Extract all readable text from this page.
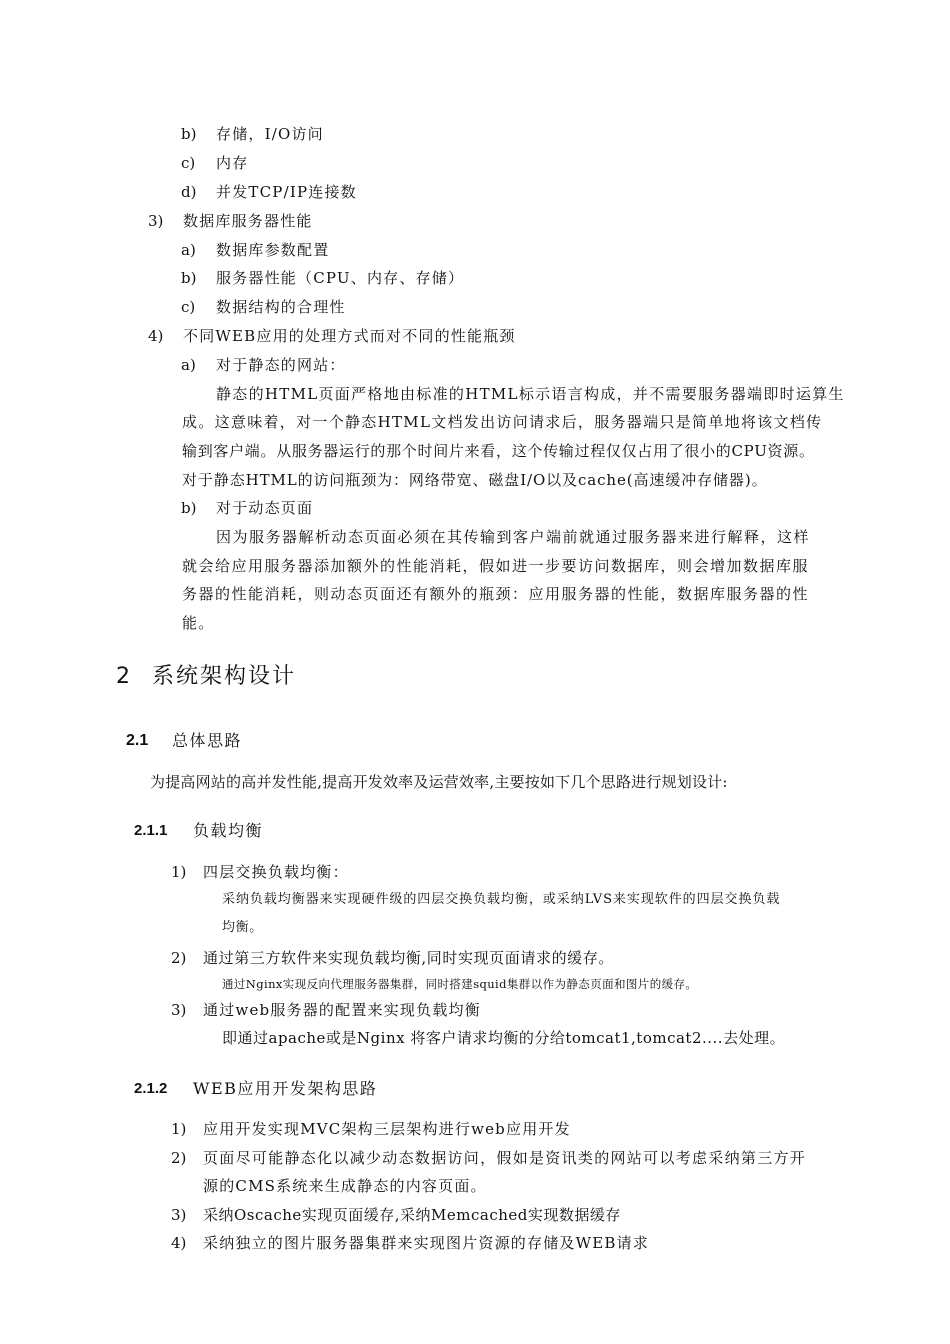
b) 存储，I/O访问
c) 内存
d) 并发TCP/IP连接数
3) 数据库服务器性能
a) 数据库参数配置
b) 服务器性能（CPU、内存、存储）
c) 数据结构的合理性
4) 不同WEB应用的处理方式而对不同的性能瓶颈
a) 对于静态的网站：
静态的HTML页面严格地由标准的HTML标示语言构成，并不需要服务器端即时运算生
成。这意味着，对一个静态HTML文档发出访问请求后，服务器端只是简单地将该文档传
输到客户端。从服务器运行的那个时间片来看，这个传输过程仅仅占用了很小的CPU资源。
对于静态HTML的访问瓶颈为：网络带宽、磁盘I/O以及cache(高速缓冲存储器)。
b) 对于动态页面
因为服务器解析动态页面必须在其传输到客户端前就通过服务器来进行解释，这样
就会给应用服务器添加额外的性能消耗，假如进一步要访问数据库，则会增加数据库服
务器的性能消耗，则动态页面还有额外的瓶颈：应用服务器的性能，数据库服务器的性
能。
2 系统架构设计
2.1 总体思路
为提高网站的高并发性能,提高开发效率及运营效率,主要按如下几个思路进行规划设计:
2.1.1 负载均衡
1) 四层交换负载均衡：
采纳负载均衡器来实现硬件级的四层交换负载均衡，或采纳LVS来实现软件的四层交换负载
均衡。
2) 通过第三方软件来实现负载均衡,同时实现页面请求的缓存。
通过Nginx实现反向代理服务器集群，同时搭建squid集群以作为静态页面和图片的缓存。
3) 通过web服务器的配置来实现负载均衡
即通过apache或是Nginx 将客户请求均衡的分给tomcat1,tomcat2....去处理。
2.1.2 WEB应用开发架构思路
1) 应用开发实现MVC架构三层架构进行web应用开发
2) 页面尽可能静态化以减少动态数据访问，假如是资讯类的网站可以考虑采纳第三方开
源的CMS系统来生成静态的内容页面。
3) 采纳Oscache实现页面缓存,采纳Memcached实现数据缓存
4) 采纳独立的图片服务器集群来实现图片资源的存储及WEB请求
